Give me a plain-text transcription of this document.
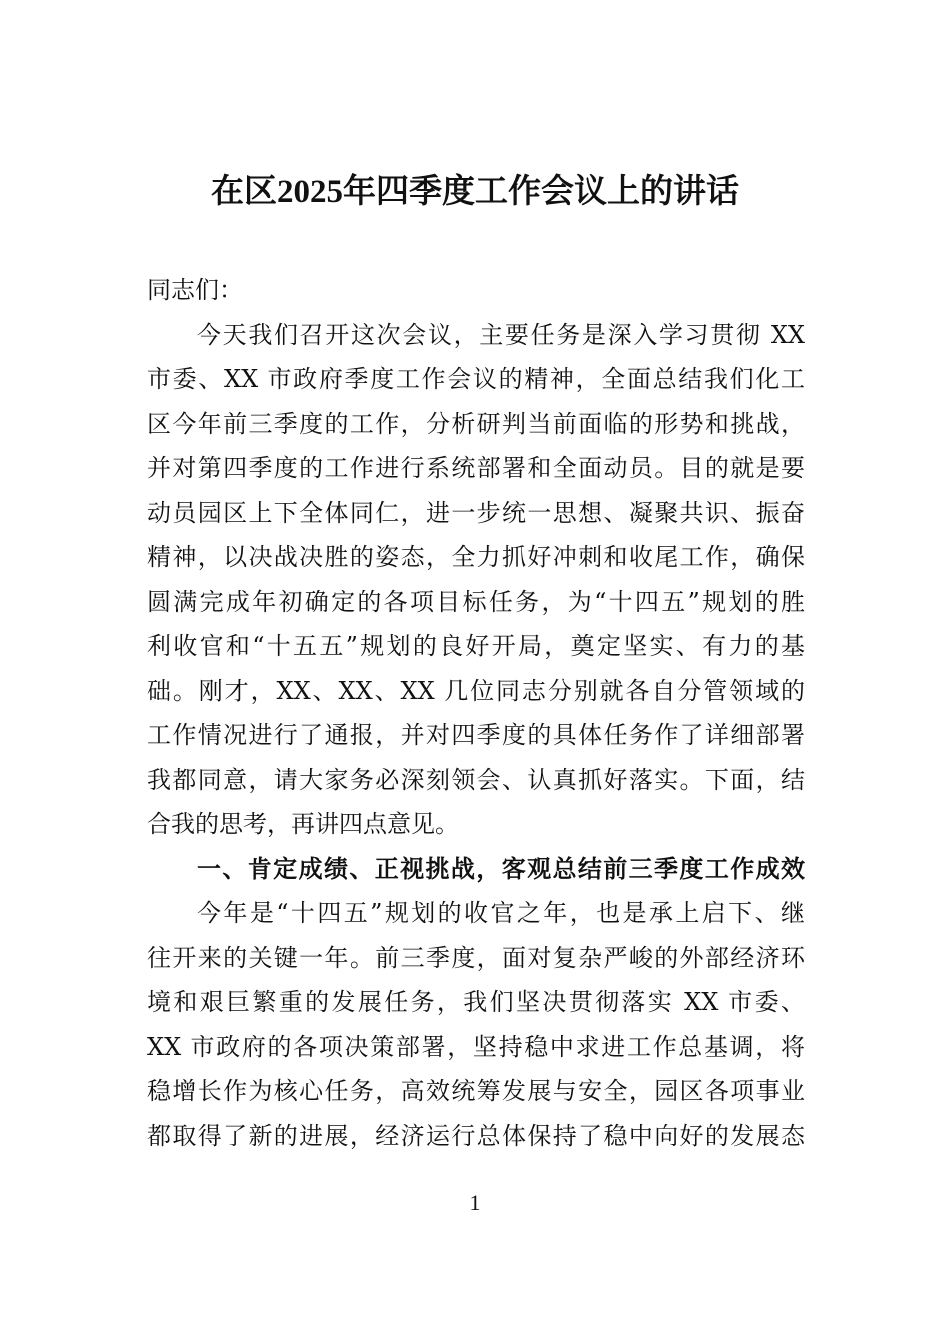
在区2025年四季度工作会议上的讲话
同志们：
今天我们召开这次会议，主要任务是深入学习贯彻 XX
市委、XX 市政府季度工作会议的精神，全面总结我们化工
区今年前三季度的工作，分析研判当前面临的形势和挑战，
并对第四季度的工作进行系统部署和全面动员。目的就是要
动员园区上下全体同仁，进一步统一思想、凝聚共识、振奋
精神，以决战决胜的姿态，全力抓好冲刺和收尾工作，确保
圆满完成年初确定的各项目标任务，为“十四五”规划的胜
利收官和“十五五”规划的良好开局，奠定坚实、有力的基
础。刚才，XX、XX、XX 几位同志分别就各自分管领域的
工作情况进行了通报，并对四季度的具体任务作了详细部署
我都同意，请大家务必深刻领会、认真抓好落实。下面，结
合我的思考，再讲四点意见。
一、肯定成绩、正视挑战，客观总结前三季度工作成效
今年是“十四五”规划的收官之年，也是承上启下、继
往开来的关键一年。前三季度，面对复杂严峻的外部经济环
境和艰巨繁重的发展任务，我们坚决贯彻落实 XX 市委、
XX 市政府的各项决策部署，坚持稳中求进工作总基调，将
稳增长作为核心任务，高效统筹发展与安全，园区各项事业
都取得了新的进展，经济运行总体保持了稳中向好的发展态
1
